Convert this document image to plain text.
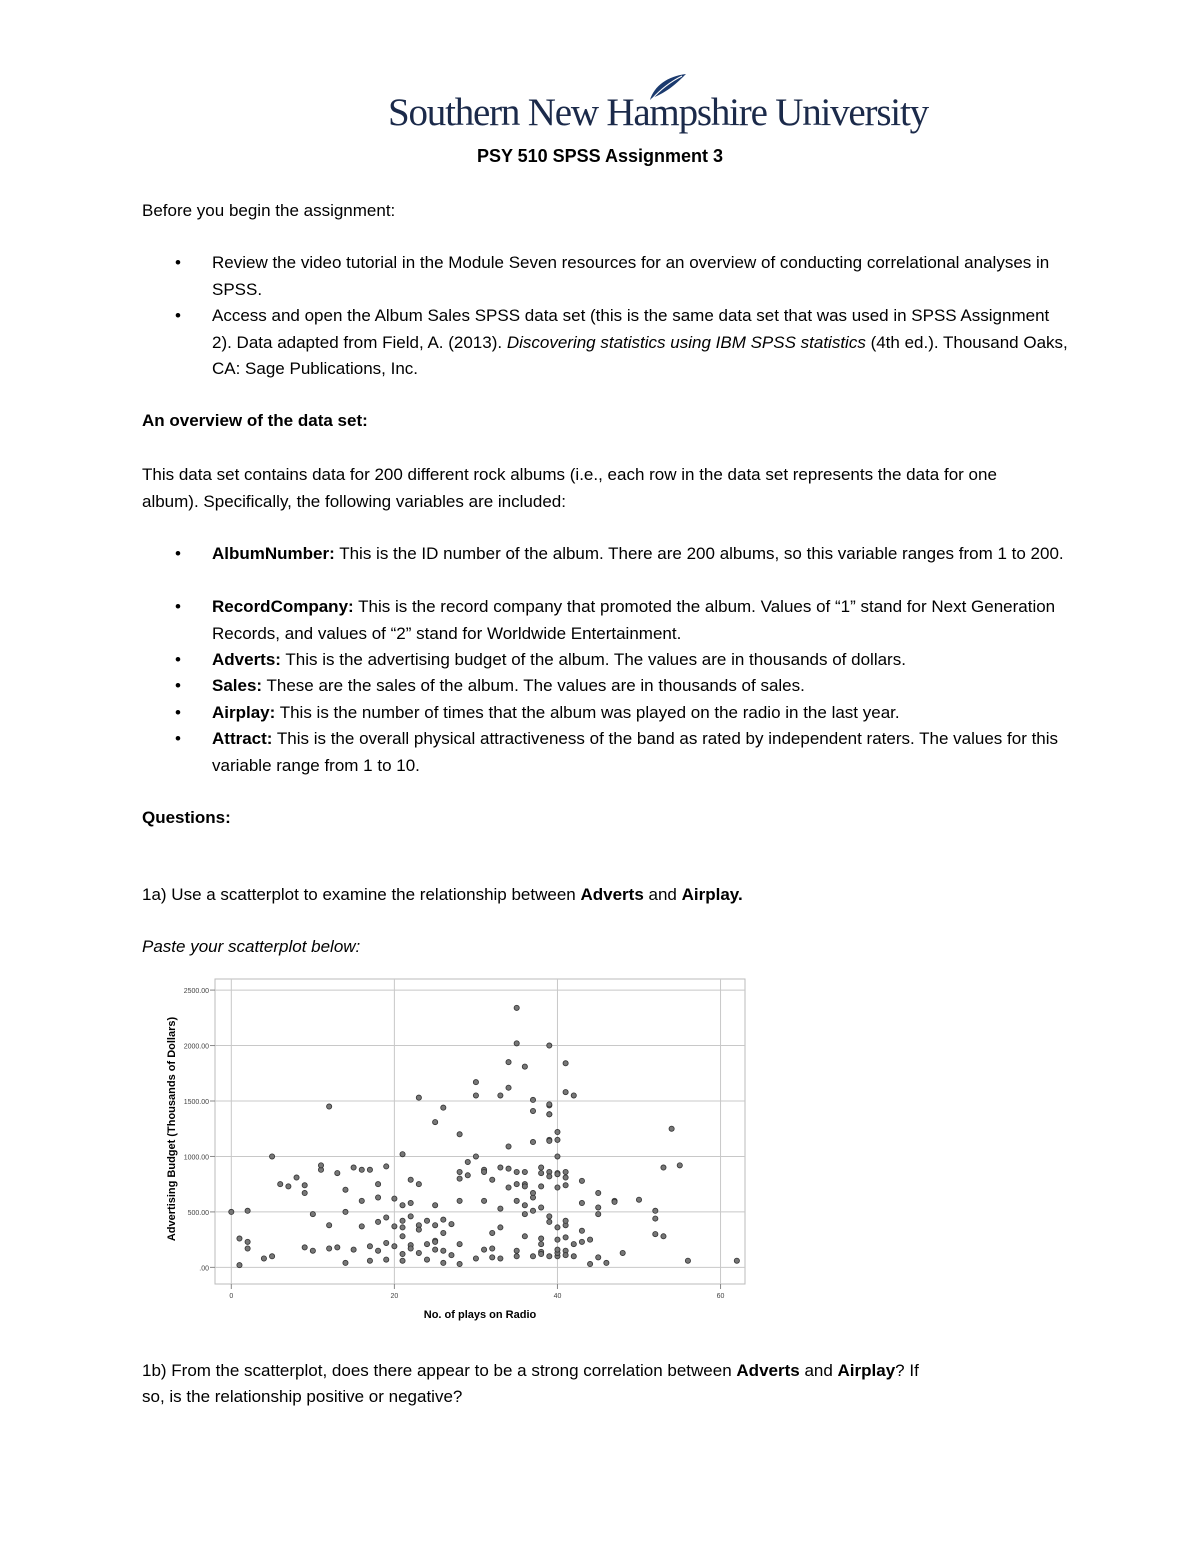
Southern New Hampshire University
PSY 510 SPSS Assignment 3
Before you begin the assignment:
• Review the video tutorial in the Module Seven resources for an overview of conducting correlational analyses in SPSS.
• Access and open the Album Sales SPSS data set (this is the same data set that was used in SPSS Assignment 2). Data adapted from Field, A. (2013). Discovering statistics using IBM SPSS statistics (4th ed.). Thousand Oaks, CA: Sage Publications, Inc.
An overview of the data set:
This data set contains data for 200 different rock albums (i.e., each row in the data set represents the data for one album). Specifically, the following variables are included:
• AlbumNumber: This is the ID number of the album. There are 200 albums, so this variable ranges from 1 to 200.
• RecordCompany: This is the record company that promoted the album. Values of “1” stand for Next Generation Records, and values of “2” stand for Worldwide Entertainment.
• Adverts: This is the advertising budget of the album. The values are in thousands of dollars.
• Sales: These are the sales of the album. The values are in thousands of sales.
• Airplay: This is the number of times that the album was played on the radio in the last year.
• Attract: This is the overall physical attractiveness of the band as rated by independent raters. The values for this variable range from 1 to 10.
Questions:
1a) Use a scatterplot to examine the relationship between Adverts and Airplay.
Paste your scatterplot below:
.00
500.00
1000.00
1500.00
2000.00
2500.00
0	20	40	60
No. of plays on Radio
Advertising Budget (Thousands of Dollars)
1b) From the scatterplot, does there appear to be a strong correlation between Adverts and Airplay? If
so, is the relationship positive or negative?
